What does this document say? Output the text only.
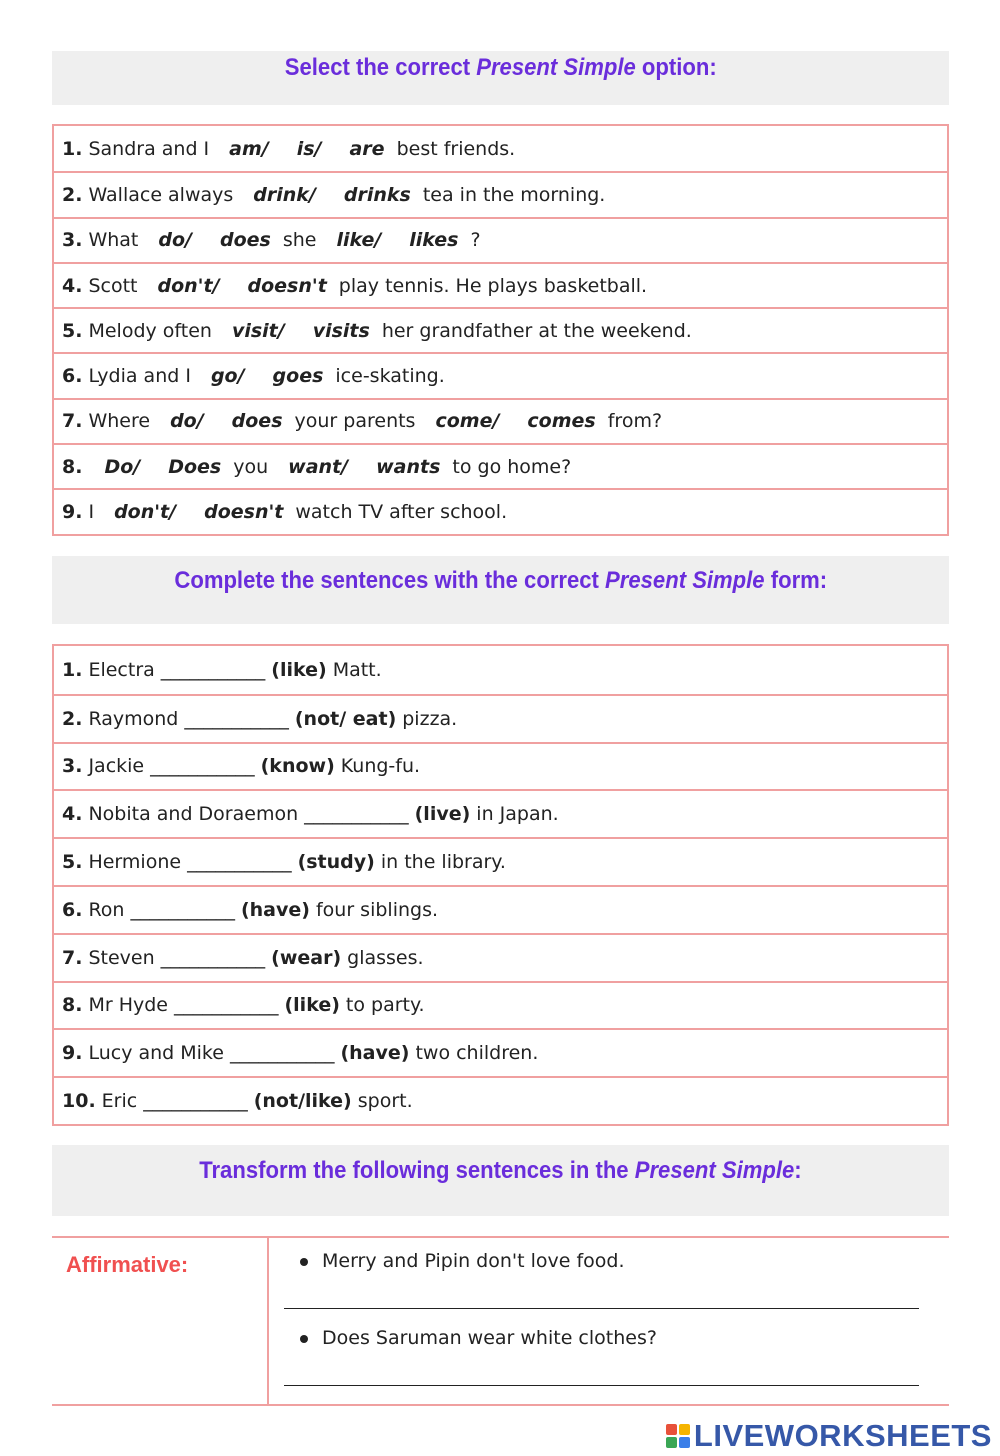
Select the correct Present Simple option:
1. Sandra and I am/ is/ are best friends.
2. Wallace always drink/ drinks tea in the morning.
3. What do/ does she like/ likes ?
4. Scott don't/ doesn't play tennis. He plays basketball.
5. Melody often visit/ visits her grandfather at the weekend.
6. Lydia and I go/ goes ice-skating.
7. Where do/ does your parents come/ comes from?
8. Do/ Does you want/ wants to go home?
9. I don't/ doesn't watch TV after school.
Complete the sentences with the correct Present Simple form:
1. Electra ___________ (like) Matt.
2. Raymond ___________ (not/ eat) pizza.
3. Jackie ___________ (know) Kung-fu.
4. Nobita and Doraemon ___________ (live) in Japan.
5. Hermione ___________ (study) in the library.
6. Ron ___________ (have) four siblings.
7. Steven ___________ (wear) glasses.
8. Mr Hyde ___________ (like) to party.
9. Lucy and Mike ___________ (have) two children.
10. Eric ___________ (not/like) sport.
Transform the following sentences in the Present Simple:
Affirmative:	Merry and Pipin don't love food.
Does Saruman wear white clothes?
LIVEWORKSHEETS
